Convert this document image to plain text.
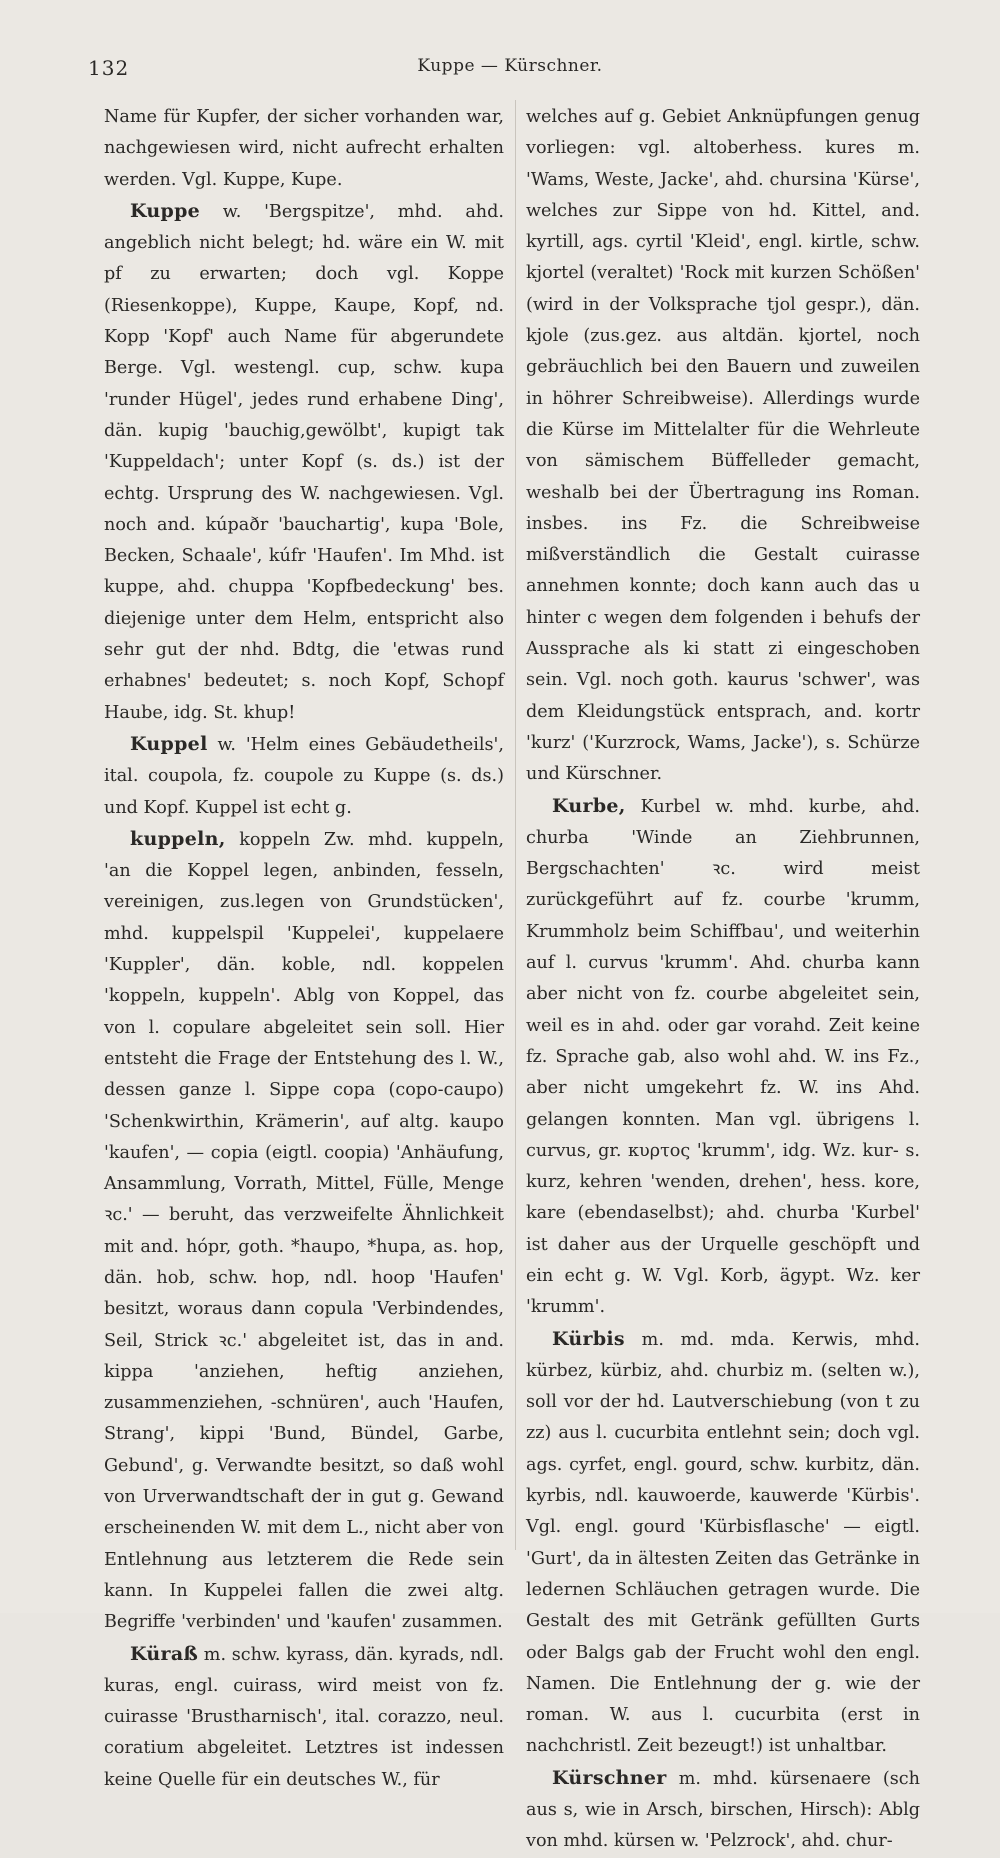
132	Kuppe — Kürschner.

Name für Kupfer, der sicher vorhanden war, nachgewiesen wird, nicht aufrecht erhalten werden. Vgl. Kuppe, Kupe.

Kuppe w. 'Bergspitze', mhd. ahd. angeblich nicht belegt; hd. wäre ein W. mit pf zu erwarten; doch vgl. Koppe (Riesenkoppe), Kuppe, Kaupe, Kopf, nd. Kopp 'Kopf' auch Name für abgerundete Berge. Vgl. westengl. cup, schw. kupa 'runder Hügel', jedes rund erhabene Ding', dän. kupig 'bauchig,gewölbt', kupigt tak 'Kuppeldach'; unter Kopf (s. ds.) ist der echtg. Ursprung des W. nachgewiesen. Vgl. noch and. kúpaðr 'bauchartig', kupa 'Bole, Becken, Schaale', kúfr 'Haufen'. Im Mhd. ist kuppe, ahd. chuppa 'Kopfbedeckung' bes. diejenige unter dem Helm, entspricht also sehr gut der nhd. Bdtg, die 'etwas rund erhabnes' bedeutet; s. noch Kopf, Schopf Haube, idg. St. khup!

Kuppel w. 'Helm eines Gebäudetheils', ital. coupola, fz. coupole zu Kuppe (s. ds.) und Kopf. Kuppel ist echt g.

kuppeln, koppeln Zw. mhd. kuppeln, 'an die Koppel legen, anbinden, fesseln, vereinigen, zus.legen von Grundstücken', mhd. kuppelspil 'Kuppelei', kuppelaere 'Kuppler', dän. koble, ndl. koppelen 'koppeln, kuppeln'. Ablg von Koppel, das von l. copulare abgeleitet sein soll. Hier entsteht die Frage der Entstehung des l. W., dessen ganze l. Sippe copa (copo-caupo) 'Schenkwirthin, Krämerin', auf altg. kaupo 'kaufen', — copia (eigtl. coopia) 'Anhäufung, Ansammlung, Vorrath, Mittel, Fülle, Menge ꝛc.' — beruht, das verzweifelte Ähnlichkeit mit and. hópr, goth. *haupo, *hupa, as. hop, dän. hob, schw. hop, ndl. hoop 'Haufen' besitzt, woraus dann copula 'Verbindendes, Seil, Strick ꝛc.' abgeleitet ist, das in and. kippa 'anziehen, heftig anziehen, zusammenziehen, -schnüren', auch 'Haufen, Strang', kippi 'Bund, Bündel, Garbe, Gebund', g. Verwandte besitzt, so daß wohl von Urverwandtschaft der in gut g. Gewand erscheinenden W. mit dem L., nicht aber von Entlehnung aus letzterem die Rede sein kann. In Kuppelei fallen die zwei altg. Begriffe 'verbinden' und 'kaufen' zusammen.

Küraß m. schw. kyrass, dän. kyrads, ndl. kuras, engl. cuirass, wird meist von fz. cuirasse 'Brustharnisch', ital. corazzo, neul. coratium abgeleitet. Letztres ist indessen keine Quelle für ein deutsches W., für

welches auf g. Gebiet Anknüpfungen genug vorliegen: vgl. altoberhess. kures m. 'Wams, Weste, Jacke', ahd. chursina 'Kürse', welches zur Sippe von hd. Kittel, and. kyrtill, ags. cyrtil 'Kleid', engl. kirtle, schw. kjortel (veraltet) 'Rock mit kurzen Schößen' (wird in der Volksprache tjol gespr.), dän. kjole (zus.gez. aus altdän. kjortel, noch gebräuchlich bei den Bauern und zuweilen in höhrer Schreibweise). Allerdings wurde die Kürse im Mittelalter für die Wehrleute von sämischem Büffelleder gemacht, weshalb bei der Übertragung ins Roman. insbes. ins Fz. die Schreibweise mißverständlich die Gestalt cuirasse annehmen konnte; doch kann auch das u hinter c wegen dem folgenden i behufs der Aussprache als ki statt zi eingeschoben sein. Vgl. noch goth. kaurus 'schwer', was dem Kleidungstück entsprach, and. kortr 'kurz' ('Kurzrock, Wams, Jacke'), s. Schürze und Kürschner.

Kurbe, Kurbel w. mhd. kurbe, ahd. churba 'Winde an Ziehbrunnen, Bergschachten' ꝛc. wird meist zurückgeführt auf fz. courbe 'krumm, Krummholz beim Schiffbau', und weiterhin auf l. curvus 'krumm'. Ahd. churba kann aber nicht von fz. courbe abgeleitet sein, weil es in ahd. oder gar vorahd. Zeit keine fz. Sprache gab, also wohl ahd. W. ins Fz., aber nicht umgekehrt fz. W. ins Ahd. gelangen konnten. Man vgl. übrigens l. curvus, gr. κυρτος 'krumm', idg. Wz. kur- s. kurz, kehren 'wenden, drehen', hess. kore, kare (ebendaselbst); ahd. churba 'Kurbel' ist daher aus der Urquelle geschöpft und ein echt g. W. Vgl. Korb, ägypt. Wz. ker 'krumm'.

Kürbis m. md. mda. Kerwis, mhd. kürbez, kürbiz, ahd. churbiz m. (selten w.), soll vor der hd. Lautverschiebung (von t zu zz) aus l. cucurbita entlehnt sein; doch vgl. ags. cyrfet, engl. gourd, schw. kurbitz, dän. kyrbis, ndl. kauwoerde, kauwerde 'Kürbis'. Vgl. engl. gourd 'Kürbisflasche' — eigtl. 'Gurt', da in ältesten Zeiten das Getränke in ledernen Schläuchen getragen wurde. Die Gestalt des mit Getränk gefüllten Gurts oder Balgs gab der Frucht wohl den engl. Namen. Die Entlehnung der g. wie der roman. W. aus l. cucurbita (erst in nachchristl. Zeit bezeugt!) ist unhaltbar.

Kürschner m. mhd. kürsenaere (sch aus s, wie in Arsch, birschen, Hirsch): Ablg von mhd. kürsen w. 'Pelzrock', ahd. chur-
